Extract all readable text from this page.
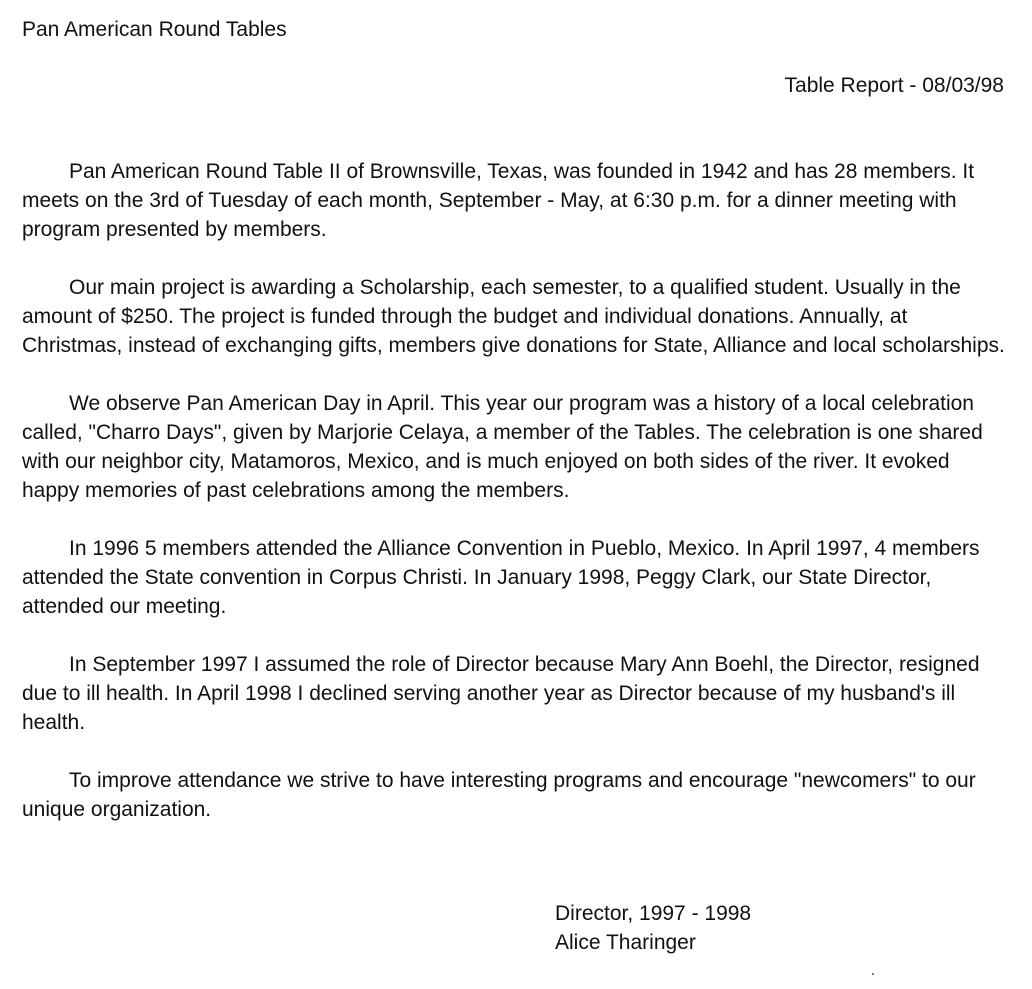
Pan American Round Tables
Table Report - 08/03/98

Pan American Round Table II of Brownsville, Texas, was founded in 1942 and has 28 members. It meets on the 3rd of Tuesday of each month, September - May, at 6:30 p.m. for a dinner meeting with program presented by members.

Our main project is awarding a Scholarship, each semester, to a qualified student. Usually in the amount of $250. The project is funded through the budget and individual donations. Annually, at Christmas, instead of exchanging gifts, members give donations for State, Alliance and local scholarships.

We observe Pan American Day in April. This year our program was a history of a local celebration called, "Charro Days", given by Marjorie Celaya, a member of the Tables. The celebration is one shared with our neighbor city, Matamoros, Mexico, and is much enjoyed on both sides of the river. It evoked happy memories of past celebrations among the members.

In 1996 5 members attended the Alliance Convention in Pueblo, Mexico. In April 1997, 4 members attended the State convention in Corpus Christi. In January 1998, Peggy Clark, our State Director, attended our meeting.

In September 1997 I assumed the role of Director because Mary Ann Boehl, the Director, resigned due to ill health. In April 1998 I declined serving another year as Director because of my husband's ill health.

To improve attendance we strive to have interesting programs and encourage "newcomers" to our unique organization.

Director, 1997 - 1998
Alice Tharinger
